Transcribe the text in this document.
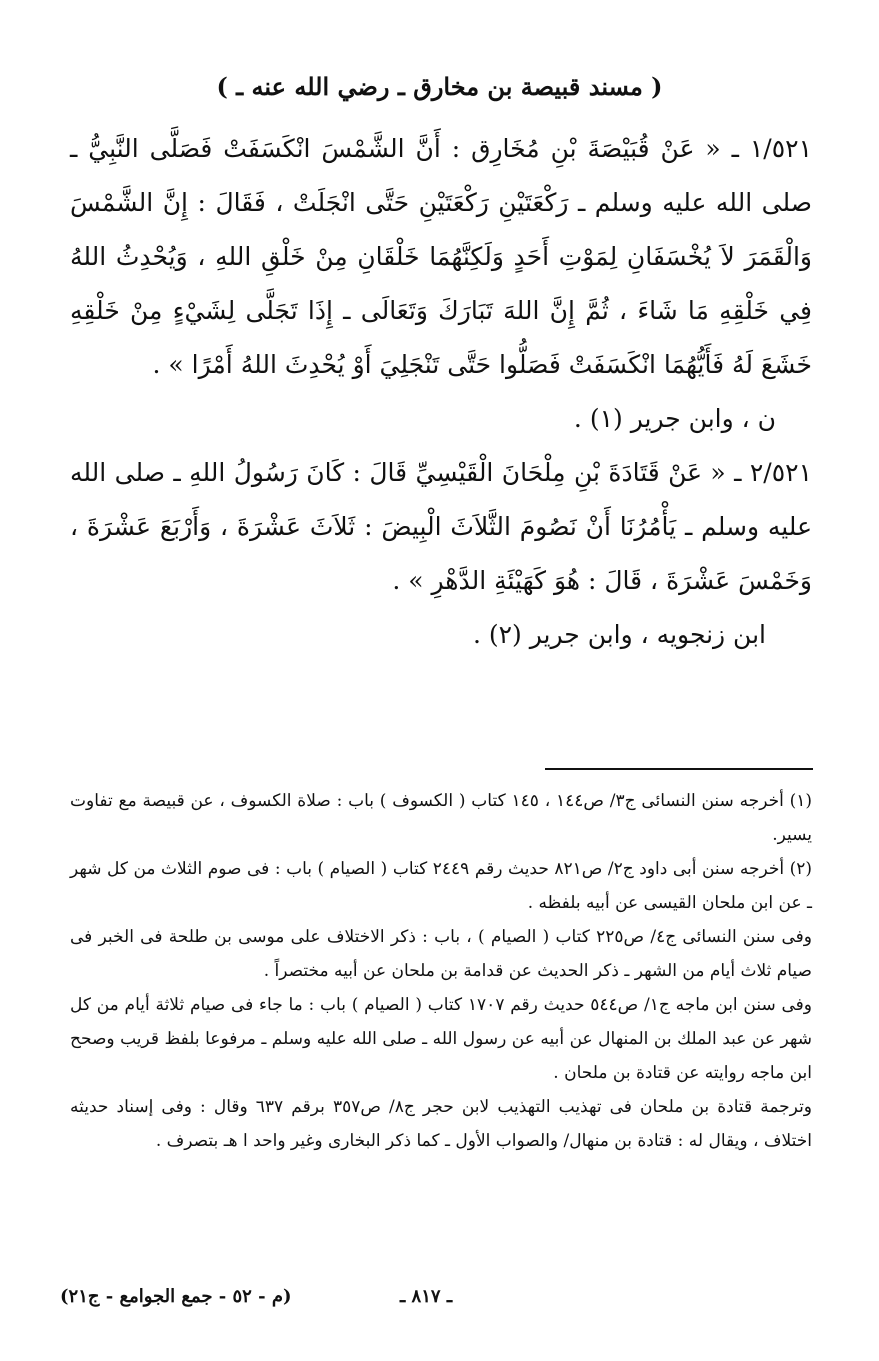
( مسند قبيصة بن مخارق ـ رضي الله عنه ـ )

١/٥٢١ ـ « عَنْ قُبَيْصَةَ بْنِ مُخَارِق : أَنَّ الشَّمْسَ انْكَسَفَتْ فَصَلَّى النَّبِيُّ ـ صلى الله عليه وسلم ـ رَكْعَتَيْنِ رَكْعَتَيْنِ حَتَّى انْجَلَتْ ، فَقَالَ : إِنَّ الشَّمْسَ وَالْقَمَرَ لاَ يُخْسَفَانِ لِمَوْتِ أَحَدٍ وَلَكِنَّهُمَا خَلْقَانِ مِنْ خَلْقِ اللهِ ، وَيُحْدِثُ اللهُ فِي خَلْقِهِ مَا شَاءَ ، ثُمَّ إِنَّ اللهَ تَبَارَكَ وَتَعَالَى ـ إِذَا تَجَلَّى لِشَيْءٍ مِنْ خَلْقِهِ خَشَعَ لَهُ فَأَيُّهُمَا انْكَسَفَتْ فَصَلُّوا حَتَّى تَنْجَلِيَ أَوْ يُحْدِثَ اللهُ أَمْرًا » .

ن ، وابن جرير (١) .

٢/٥٢١ ـ « عَنْ قَتَادَةَ بْنِ مِلْحَانَ الْقَيْسِيِّ قَالَ : كَانَ رَسُولُ اللهِ ـ صلى الله عليه وسلم ـ يَأْمُرُنَا أَنْ نَصُومَ الثَّلاَثَ الْبِيضَ : ثَلاَثَ عَشْرَةَ ، وَأَرْبَعَ عَشْرَةَ ، وَخَمْسَ عَشْرَةَ ، قَالَ : هُوَ كَهَيْئَةِ الدَّهْرِ » .

ابن زنجويه ، وابن جرير (٢) .

(١) أخرجه سنن النسائى ج٣/ ص١٤٤ ، ١٤٥ كتاب ( الكسوف ) باب : صلاة الكسوف ، عن قبيصة مع تفاوت يسير.

(٢) أخرجه سنن أبى داود ج٢/ ص٨٢١ حديث رقم ٢٤٤٩ كتاب ( الصيام ) باب : فى صوم الثلاث من كل شهر ـ عن ابن ملحان القيسى عن أبيه بلفظه .

وفى سنن النسائى ج٤/ ص٢٢٥ كتاب ( الصيام ) ، باب : ذكر الاختلاف على موسى بن طلحة فى الخبر فى صيام ثلاث أيام من الشهر ـ ذكر الحديث عن قدامة بن ملحان عن أبيه مختصراً .

وفى سنن ابن ماجه ج١/ ص٥٤٤ حديث رقم ١٧٠٧ كتاب ( الصيام ) باب : ما جاء فى صيام ثلاثة أيام من كل شهر عن عبد الملك بن المنهال عن أبيه عن رسول الله ـ صلى الله عليه وسلم ـ مرفوعا بلفظ قريب وصحح ابن ماجه روايته عن قتادة بن ملحان .

وترجمة قتادة بن ملحان فى تهذيب التهذيب لابن حجر ج٨/ ص٣٥٧ برقم ٦٣٧ وقال : وفى إسناد حديثه اختلاف ، ويقال له : قتادة بن منهال/ والصواب الأول ـ كما ذكر البخارى وغير واحد ا هـ بتصرف .

(م - ٥٢ - جمع الجوامع - ج٢١)	ـ ٨١٧ ـ
